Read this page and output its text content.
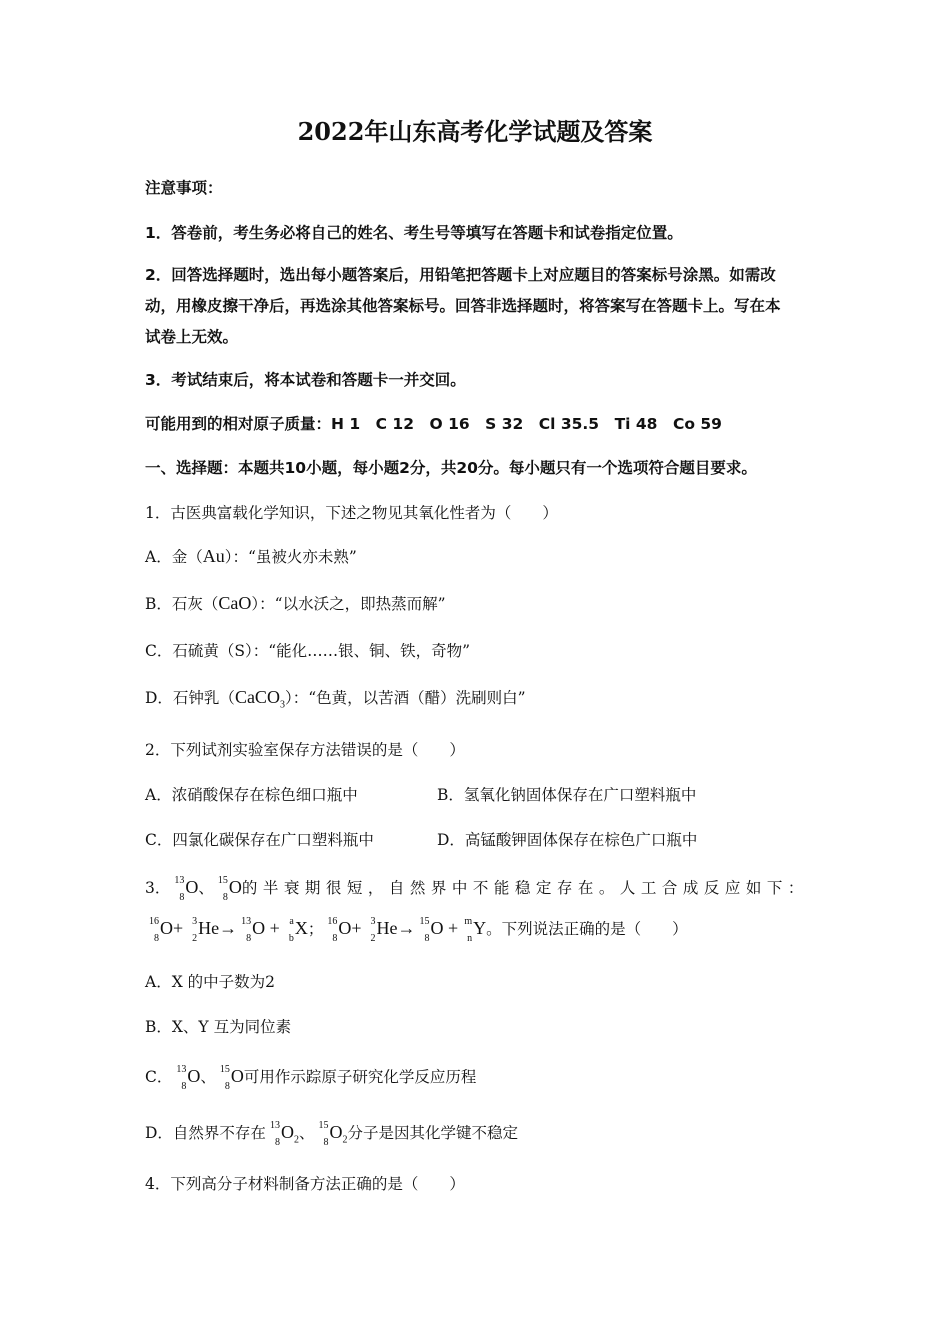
2022年山东高考化学试题及答案
注意事项：
1．答卷前，考生务必将自己的姓名、考生号等填写在答题卡和试卷指定位置。
2．回答选择题时，选出每小题答案后，用铅笔把答题卡上对应题目的答案标号涂黑。如需改
动，用橡皮擦干净后，再选涂其他答案标号。回答非选择题时，将答案写在答题卡上。写在本
试卷上无效。
3．考试结束后，将本试卷和答题卡一并交回。
可能用到的相对原子质量：H 1　C 12　O 16　S 32　Cl 35.5　Ti 48　Co 59
一、选择题：本题共10小题，每小题2分，共20分。每小题只有一个选项符合题目要求。
1．古医典富载化学知识，下述之物见其氧化性者为（　　）
A．金（Au）：“虽被火亦未熟”
B．石灰（CaO）：“以水沃之，即热蒸而解”
C．石硫黄（S）：“能化……银、铜、铁，奇物”
D．石钟乳（CaCO$_3$）：“色黄，以苦酒（醋）洗刷则白”
2．下列试剂实验室保存方法错误的是（　　）
A．浓硝酸保存在棕色细口瓶中	B．氢氧化钠固体保存在广口塑料瓶中
C．四氯化碳保存在广口塑料瓶中	D．高锰酸钾固体保存在棕色广口瓶中
3． 13
8
O、 15
8
O的半衰期很短，自然界中不能稳定存在。人工合成反应如下：
16
8
O+ 3
2
He→ 13
8
O + a
b
X； 16
8
O+ 3
2
He→ 15
8
O + m
n
Y。下列说法正确的是（　　）
A．X 的中子数为2
B．X、Y 互为同位素
C． 13
8
O、 15
8
O可用作示踪原子研究化学反应历程
D．自然界不存在 13
8
$O_2$、 15
8
$O_2$分子是因其化学键不稳定
4．下列高分子材料制备方法正确的是（　　）
